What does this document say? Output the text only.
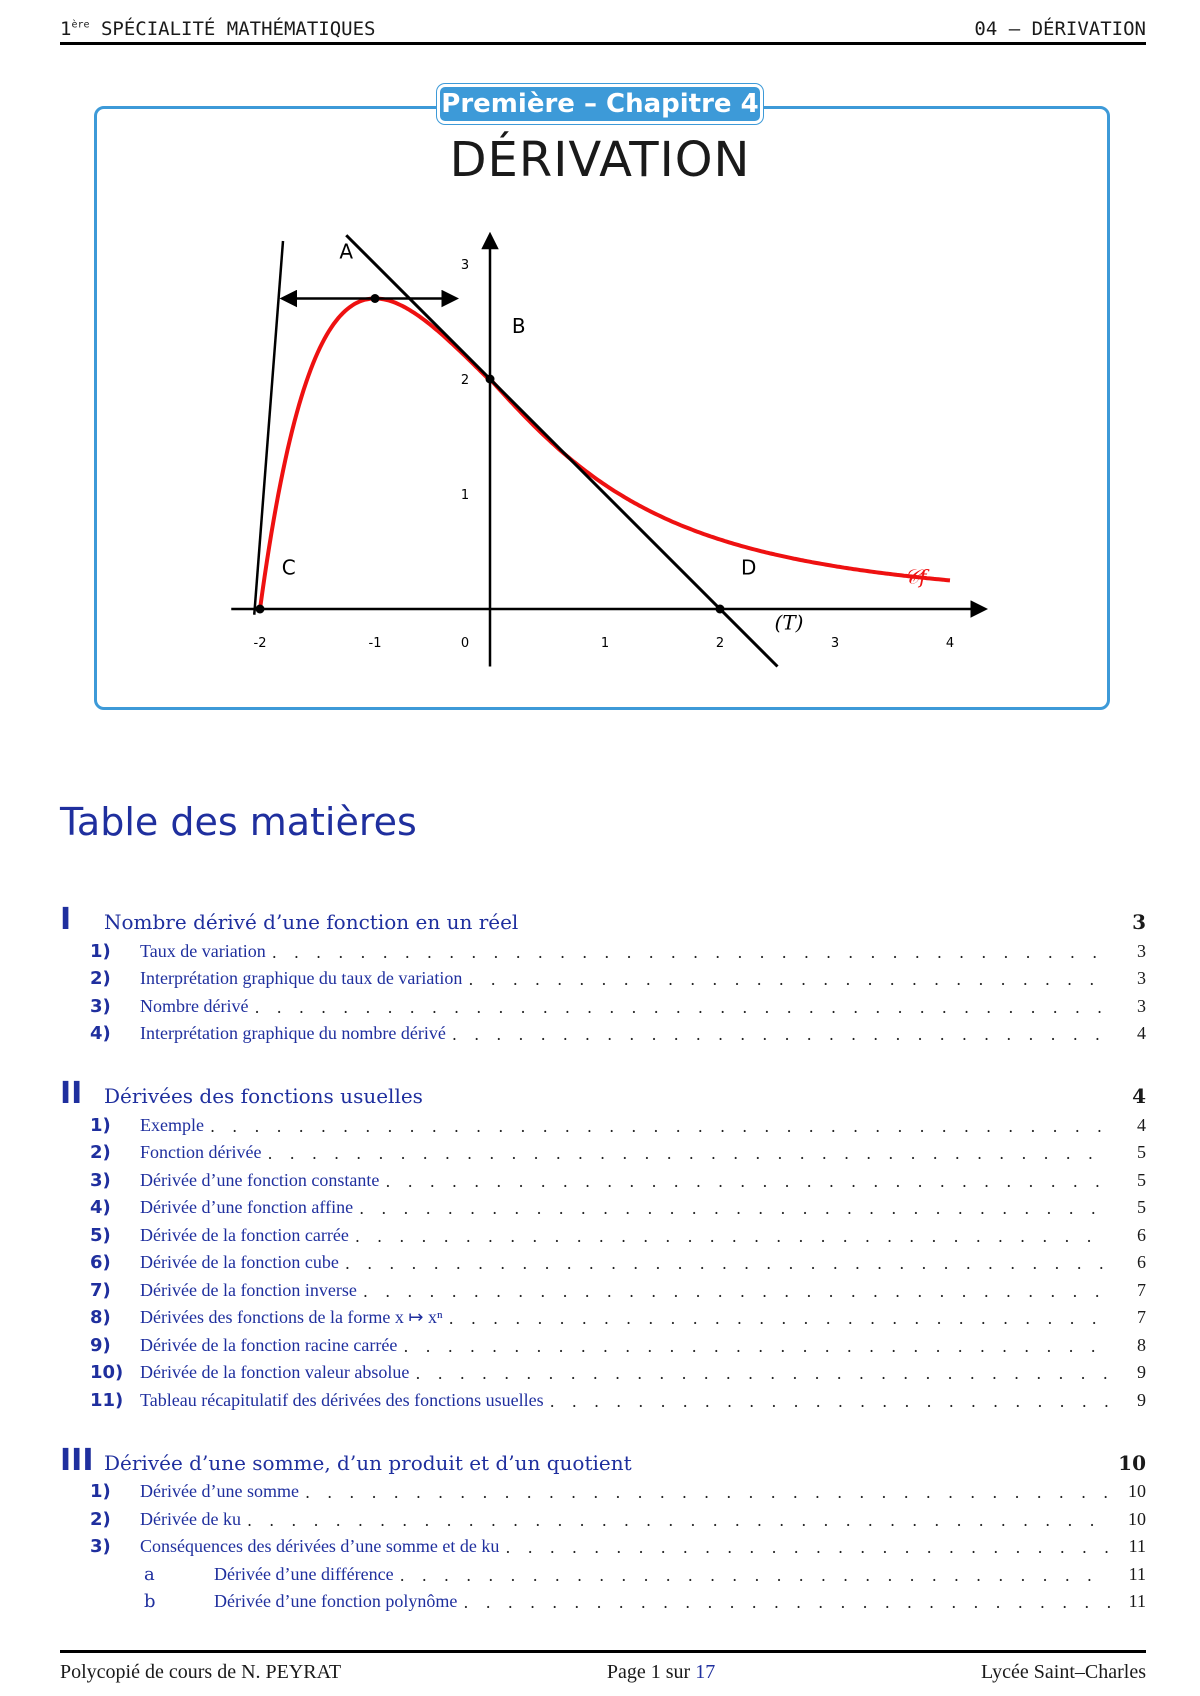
1ère SPÉCIALITÉ MATHÉMATIQUES	04 – DÉRIVATION
Première – Chapitre 4
DÉRIVATION
-2	-1	0	1	2	3	4
1
2
3
A
B
C	D
(T)
𝒞f
Table des matières
I	Nombre dérivé d’une fonction en un réel	3
1)	Taux de variation . . .	3
2)	Interprétation graphique du taux de variation . . .	3
3)	Nombre dérivé . . .	3
4)	Interprétation graphique du nombre dérivé . . .	4
II	Dérivées des fonctions usuelles	4
1)	Exemple . . .	4
2)	Fonction dérivée . . .	5
3)	Dérivée d’une fonction constante . . .	5
4)	Dérivée d’une fonction affine . . .	5
5)	Dérivée de la fonction carrée . . .	6
6)	Dérivée de la fonction cube . . .	6
7)	Dérivée de la fonction inverse . . .	7
8)	Dérivées des fonctions de la forme x ↦ xⁿ . . .	7
9)	Dérivée de la fonction racine carrée . . .	8
10) Dérivée de la fonction valeur absolue . . .	9
11) Tableau récapitulatif des dérivées des fonctions usuelles . . .	9
III Dérivée d’une somme, d’un produit et d’un quotient	10
1)	Dérivée d’une somme . . .	10
2)	Dérivée de ku . . .	10
3)	Conséquences des dérivées d’une somme et de ku . . .	11
a	Dérivée d’une différence . . .	11
b	Dérivée d’une fonction polynôme . . .	11
Polycopié de cours de N. PEYRAT	Page 1 sur 17	Lycée Saint–Charles
